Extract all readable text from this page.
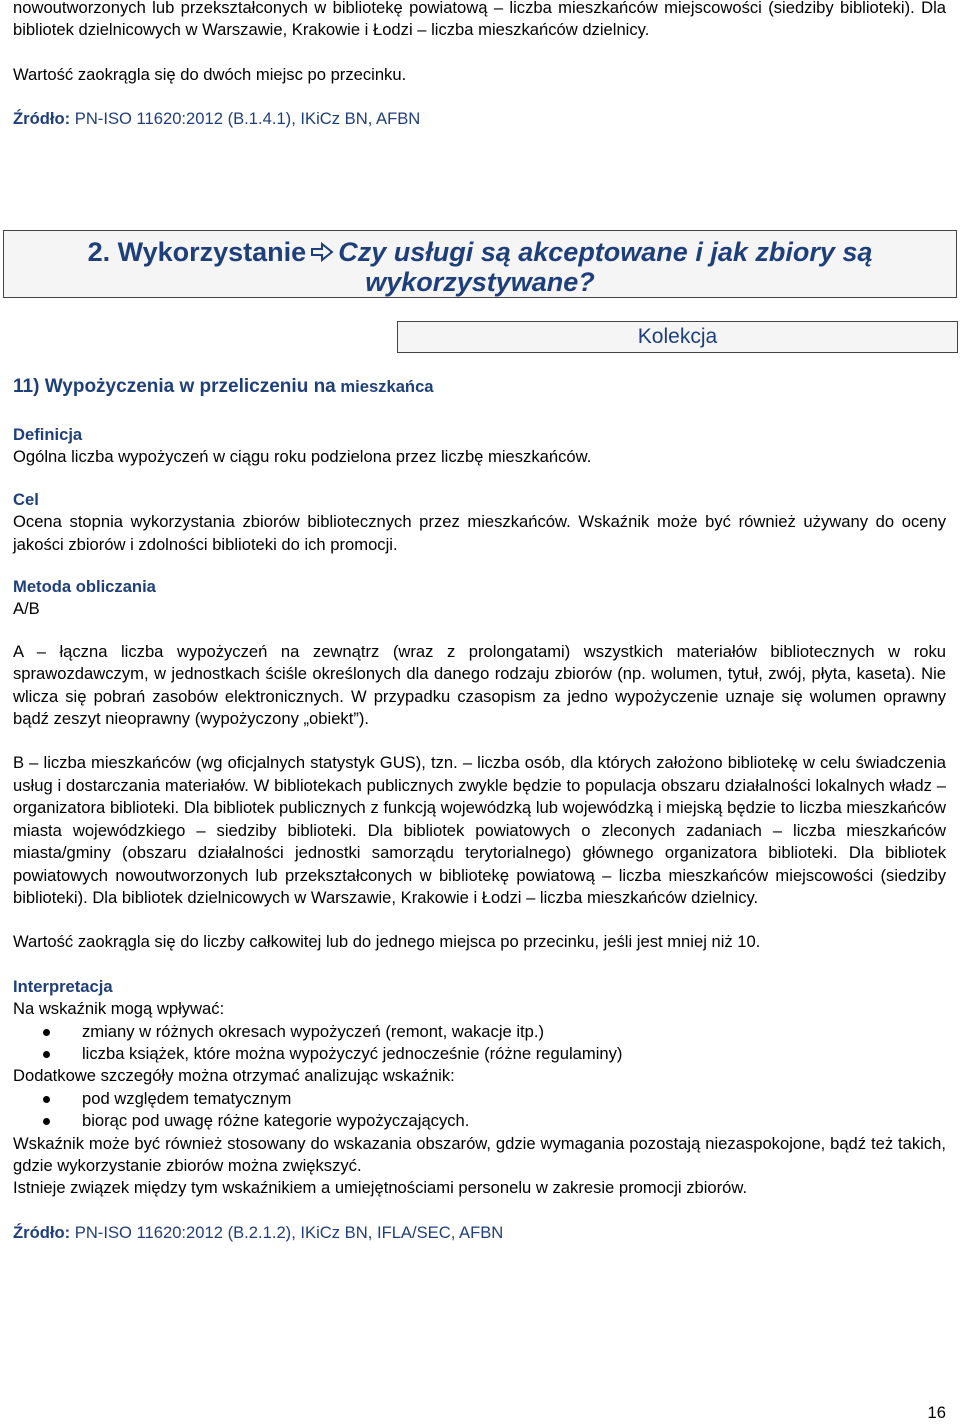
nowoutworzonych lub przekształconych w bibliotekę powiatową – liczba mieszkańców miejscowości (siedziby biblioteki). Dla bibliotek dzielnicowych w Warszawie, Krakowie i Łodzi – liczba mieszkańców dzielnicy.

Wartość zaokrągla się do dwóch miejsc po przecinku.

Źródło: PN-ISO 11620:2012 (B.1.4.1), IKiCz BN, AFBN

2. Wykorzystanie Czy usługi są akceptowane i jak zbiory są
wykorzystywane?
Kolekcja
11) Wypożyczenia w przeliczeniu na mieszkańca

Definicja

Ogólna liczba wypożyczeń w ciągu roku podzielona przez liczbę mieszkańców.

Cel

Ocena stopnia wykorzystania zbiorów bibliotecznych przez mieszkańców. Wskaźnik może być również używany do oceny jakości zbiorów i zdolności biblioteki do ich promocji.

Metoda obliczania

A/B

A – łączna liczba wypożyczeń na zewnątrz (wraz z prolongatami) wszystkich materiałów bibliotecznych w roku sprawozdawczym, w jednostkach ściśle określonych dla danego rodzaju zbiorów (np. wolumen, tytuł, zwój, płyta, kaseta). Nie wlicza się pobrań zasobów elektronicznych. W przypadku czasopism za jedno wypożyczenie uznaje się wolumen oprawny bądź zeszyt nieoprawny (wypożyczony „obiekt”).

B – liczba mieszkańców (wg oficjalnych statystyk GUS), tzn. – liczba osób, dla których założono bibliotekę w celu świadczenia usług i dostarczania materiałów. W bibliotekach publicznych zwykle będzie to populacja obszaru działalności lokalnych władz – organizatora biblioteki. Dla bibliotek publicznych z funkcją wojewódzką lub wojewódzką i miejską będzie to liczba mieszkańców miasta wojewódzkiego – siedziby biblioteki. Dla bibliotek powiatowych o zleconych zadaniach – liczba mieszkańców miasta/gminy (obszaru działalności jednostki samorządu terytorialnego) głównego organizatora biblioteki. Dla bibliotek powiatowych nowoutworzonych lub przekształconych w bibliotekę powiatową – liczba mieszkańców miejscowości (siedziby biblioteki). Dla bibliotek dzielnicowych w Warszawie, Krakowie i Łodzi – liczba mieszkańców dzielnicy.

Wartość zaokrągla się do liczby całkowitej lub do jednego miejsca po przecinku, jeśli jest mniej niż 10.

Interpretacja

Na wskaźnik mogą wpływać:

zmiany w różnych okresach wypożyczeń (remont, wakacje itp.)
liczba książek, które można wypożyczyć jednocześnie (różne regulaminy)

Dodatkowe szczegóły można otrzymać analizując wskaźnik:

pod względem tematycznym
biorąc pod uwagę różne kategorie wypożyczających.

Wskaźnik może być również stosowany do wskazania obszarów, gdzie wymagania pozostają niezaspokojone, bądź też takich, gdzie wykorzystanie zbiorów można zwiększyć.

Istnieje związek między tym wskaźnikiem a umiejętnościami personelu w zakresie promocji zbiorów.

Źródło: PN-ISO 11620:2012 (B.2.1.2), IKiCz BN, IFLA/SEC, AFBN

16
